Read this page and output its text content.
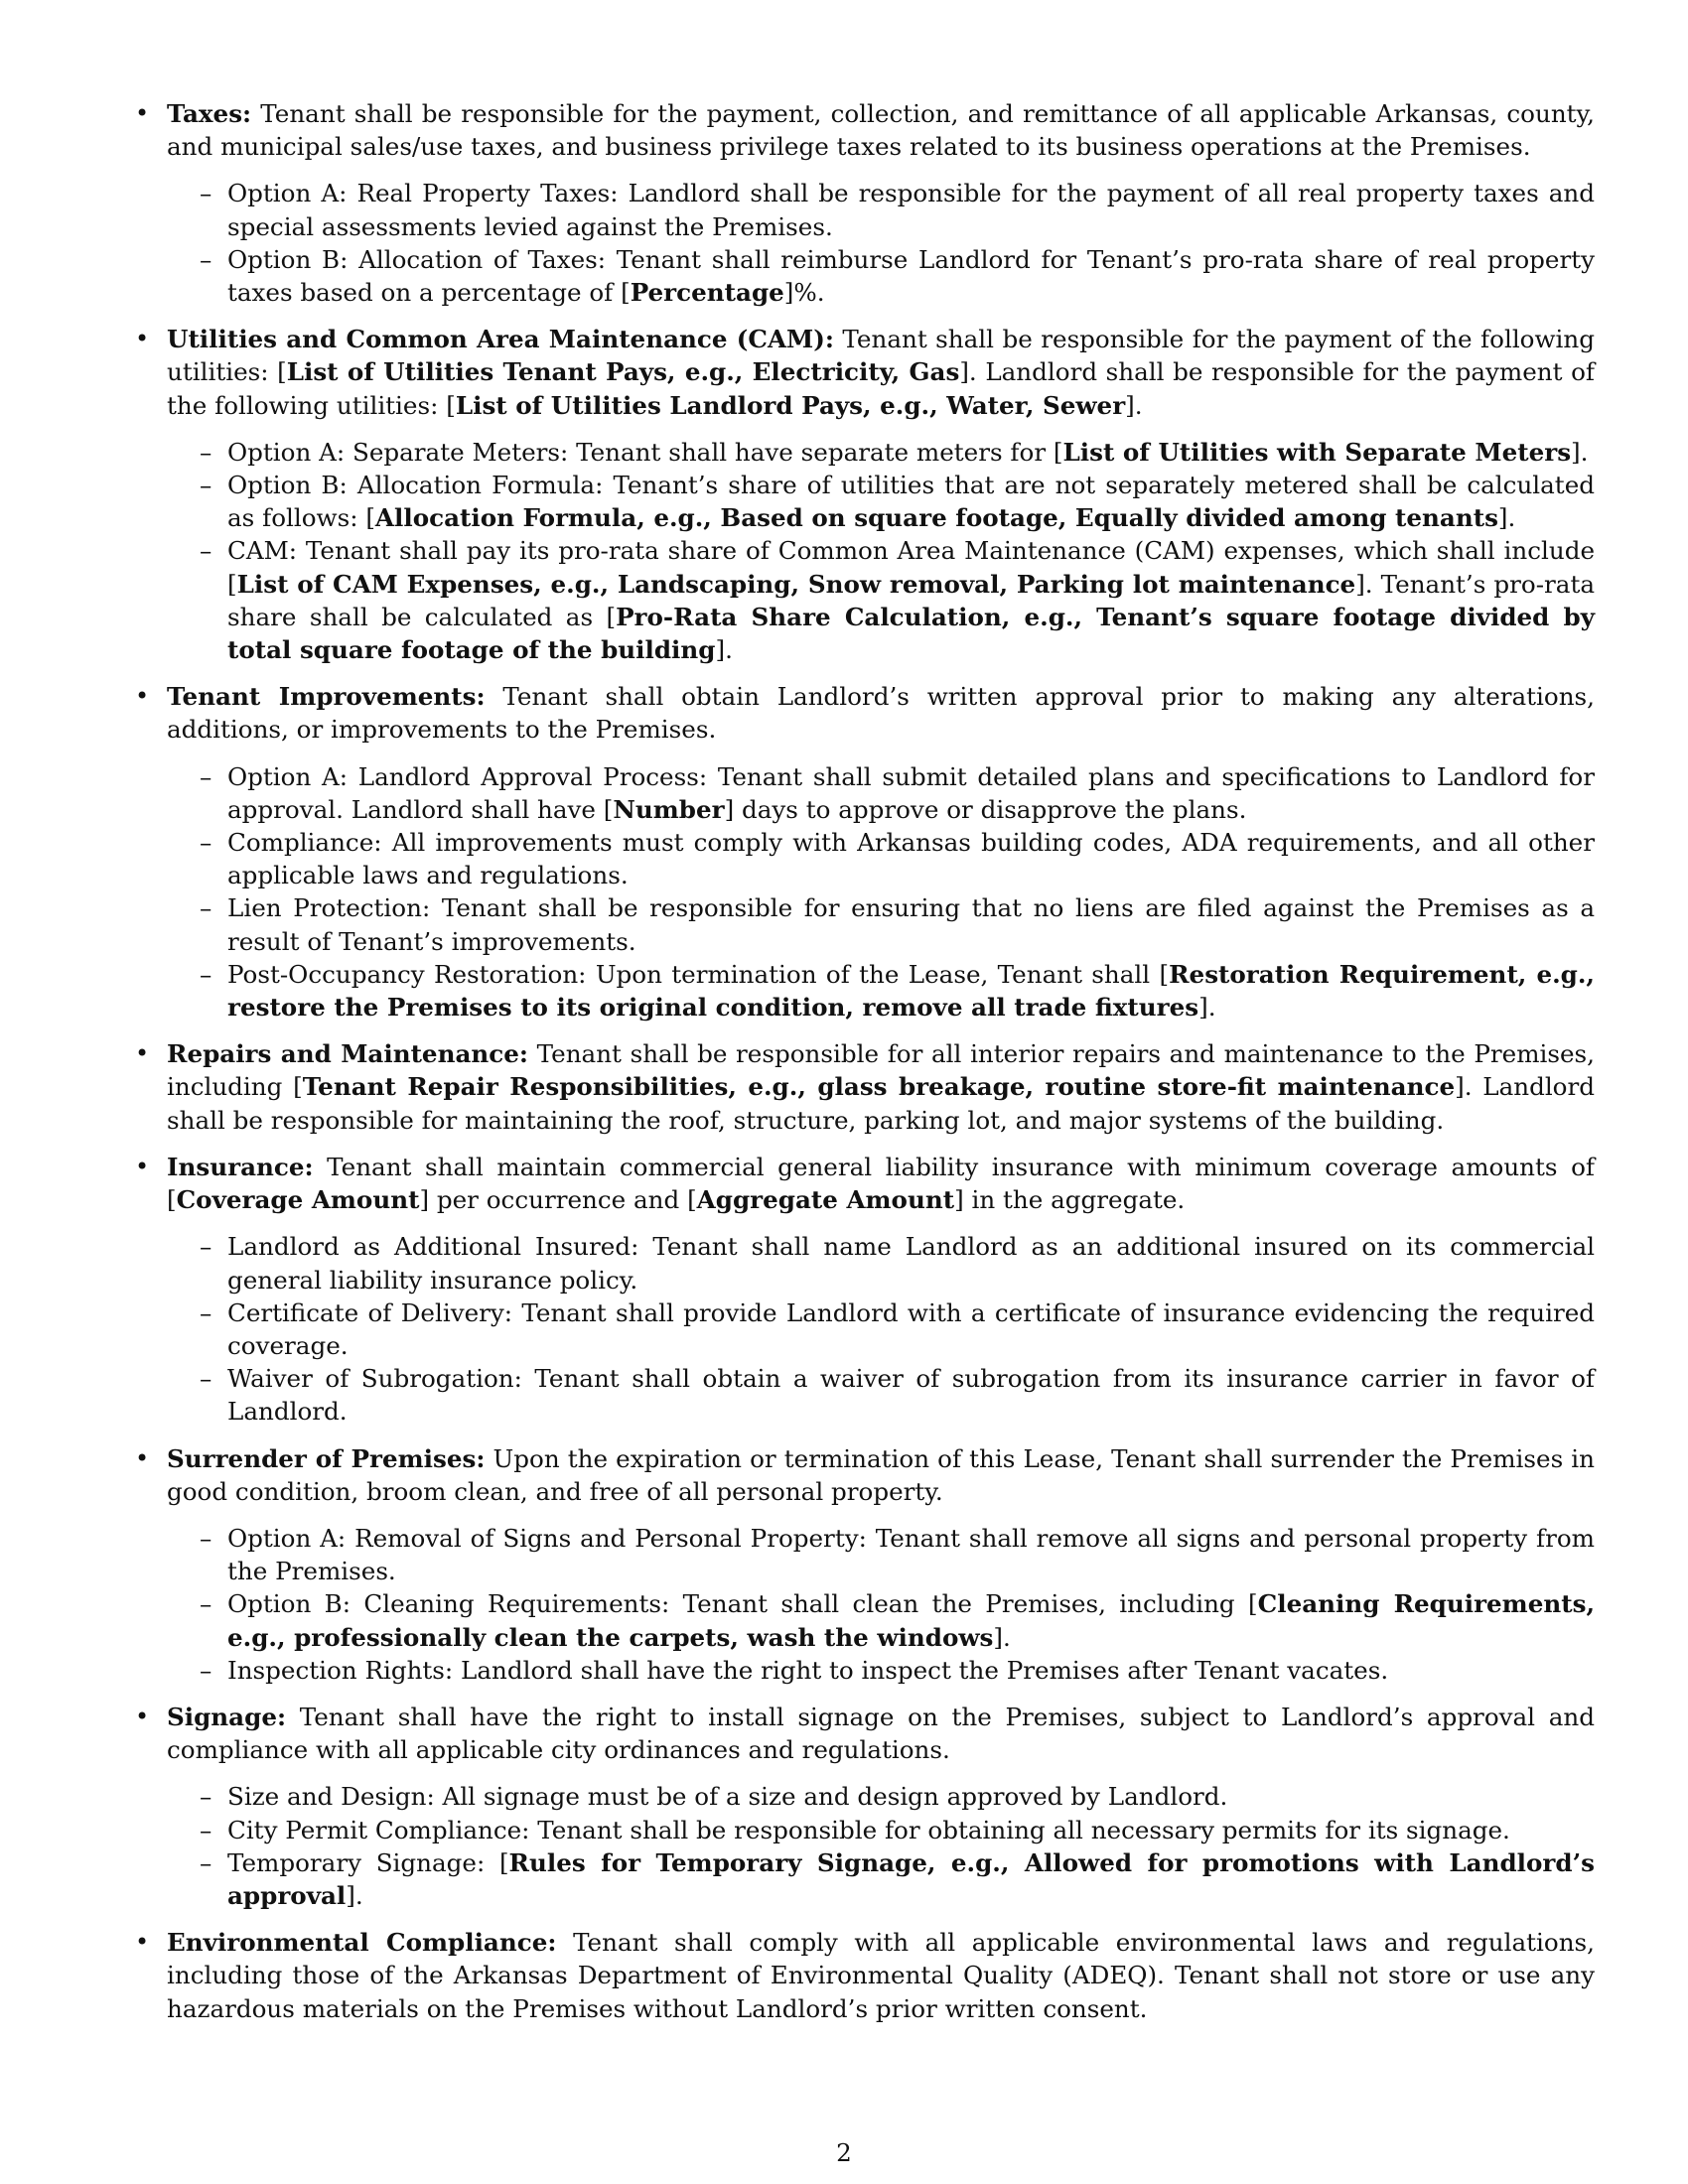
• Taxes: Tenant shall be responsible for the payment, collection, and remittance of all applicable Arkansas, county, and municipal sales/use taxes, and business privilege taxes related to its business operations at the Premises.
– Option A: Real Property Taxes: Landlord shall be responsible for the payment of all real property taxes and special assessments levied against the Premises.
– Option B: Allocation of Taxes: Tenant shall reimburse Landlord for Tenant’s pro-rata share of real property taxes based on a percentage of [Percentage]%.
• Utilities and Common Area Maintenance (CAM): Tenant shall be responsible for the payment of the following utilities: [List of Utilities Tenant Pays, e.g., Electricity, Gas]. Landlord shall be responsible for the payment of the following utilities: [List of Utilities Landlord Pays, e.g., Water, Sewer].
– Option A: Separate Meters: Tenant shall have separate meters for [List of Utilities with Separate Meters].
– Option B: Allocation Formula: Tenant’s share of utilities that are not separately metered shall be calculated as follows: [Allocation Formula, e.g., Based on square footage, Equally divided among tenants].
– CAM: Tenant shall pay its pro-rata share of Common Area Maintenance (CAM) expenses, which shall include [List of CAM Expenses, e.g., Landscaping, Snow removal, Parking lot maintenance]. Tenant’s pro-rata share shall be calculated as [Pro-Rata Share Calculation, e.g., Tenant’s square footage divided by total square footage of the building].
• Tenant Improvements: Tenant shall obtain Landlord’s written approval prior to making any alterations, additions, or improvements to the Premises.
– Option A: Landlord Approval Process: Tenant shall submit detailed plans and specifications to Landlord for approval. Landlord shall have [Number] days to approve or disapprove the plans.
– Compliance: All improvements must comply with Arkansas building codes, ADA requirements, and all other applicable laws and regulations.
– Lien Protection: Tenant shall be responsible for ensuring that no liens are filed against the Premises as a result of Tenant’s improvements.
– Post-Occupancy Restoration: Upon termination of the Lease, Tenant shall [Restoration Requirement, e.g., restore the Premises to its original condition, remove all trade fixtures].
• Repairs and Maintenance: Tenant shall be responsible for all interior repairs and maintenance to the Premises, including [Tenant Repair Responsibilities, e.g., glass breakage, routine store-fit maintenance]. Landlord shall be responsible for maintaining the roof, structure, parking lot, and major systems of the building.
• Insurance: Tenant shall maintain commercial general liability insurance with minimum coverage amounts of [Coverage Amount] per occurrence and [Aggregate Amount] in the aggregate.
– Landlord as Additional Insured: Tenant shall name Landlord as an additional insured on its commercial general liability insurance policy.
– Certificate of Delivery: Tenant shall provide Landlord with a certificate of insurance evidencing the required coverage.
– Waiver of Subrogation: Tenant shall obtain a waiver of subrogation from its insurance carrier in favor of Landlord.
• Surrender of Premises: Upon the expiration or termination of this Lease, Tenant shall surrender the Premises in good condition, broom clean, and free of all personal property.
– Option A: Removal of Signs and Personal Property: Tenant shall remove all signs and personal property from the Premises.
– Option B: Cleaning Requirements: Tenant shall clean the Premises, including [Cleaning Requirements, e.g., professionally clean the carpets, wash the windows].
– Inspection Rights: Landlord shall have the right to inspect the Premises after Tenant vacates.
• Signage: Tenant shall have the right to install signage on the Premises, subject to Landlord’s approval and compliance with all applicable city ordinances and regulations.
– Size and Design: All signage must be of a size and design approved by Landlord.
– City Permit Compliance: Tenant shall be responsible for obtaining all necessary permits for its signage.
– Temporary Signage: [Rules for Temporary Signage, e.g., Allowed for promotions with Landlord’s approval].
• Environmental Compliance: Tenant shall comply with all applicable environmental laws and regulations, including those of the Arkansas Department of Environmental Quality (ADEQ). Tenant shall not store or use any hazardous materials on the Premises without Landlord’s prior written consent.
2
